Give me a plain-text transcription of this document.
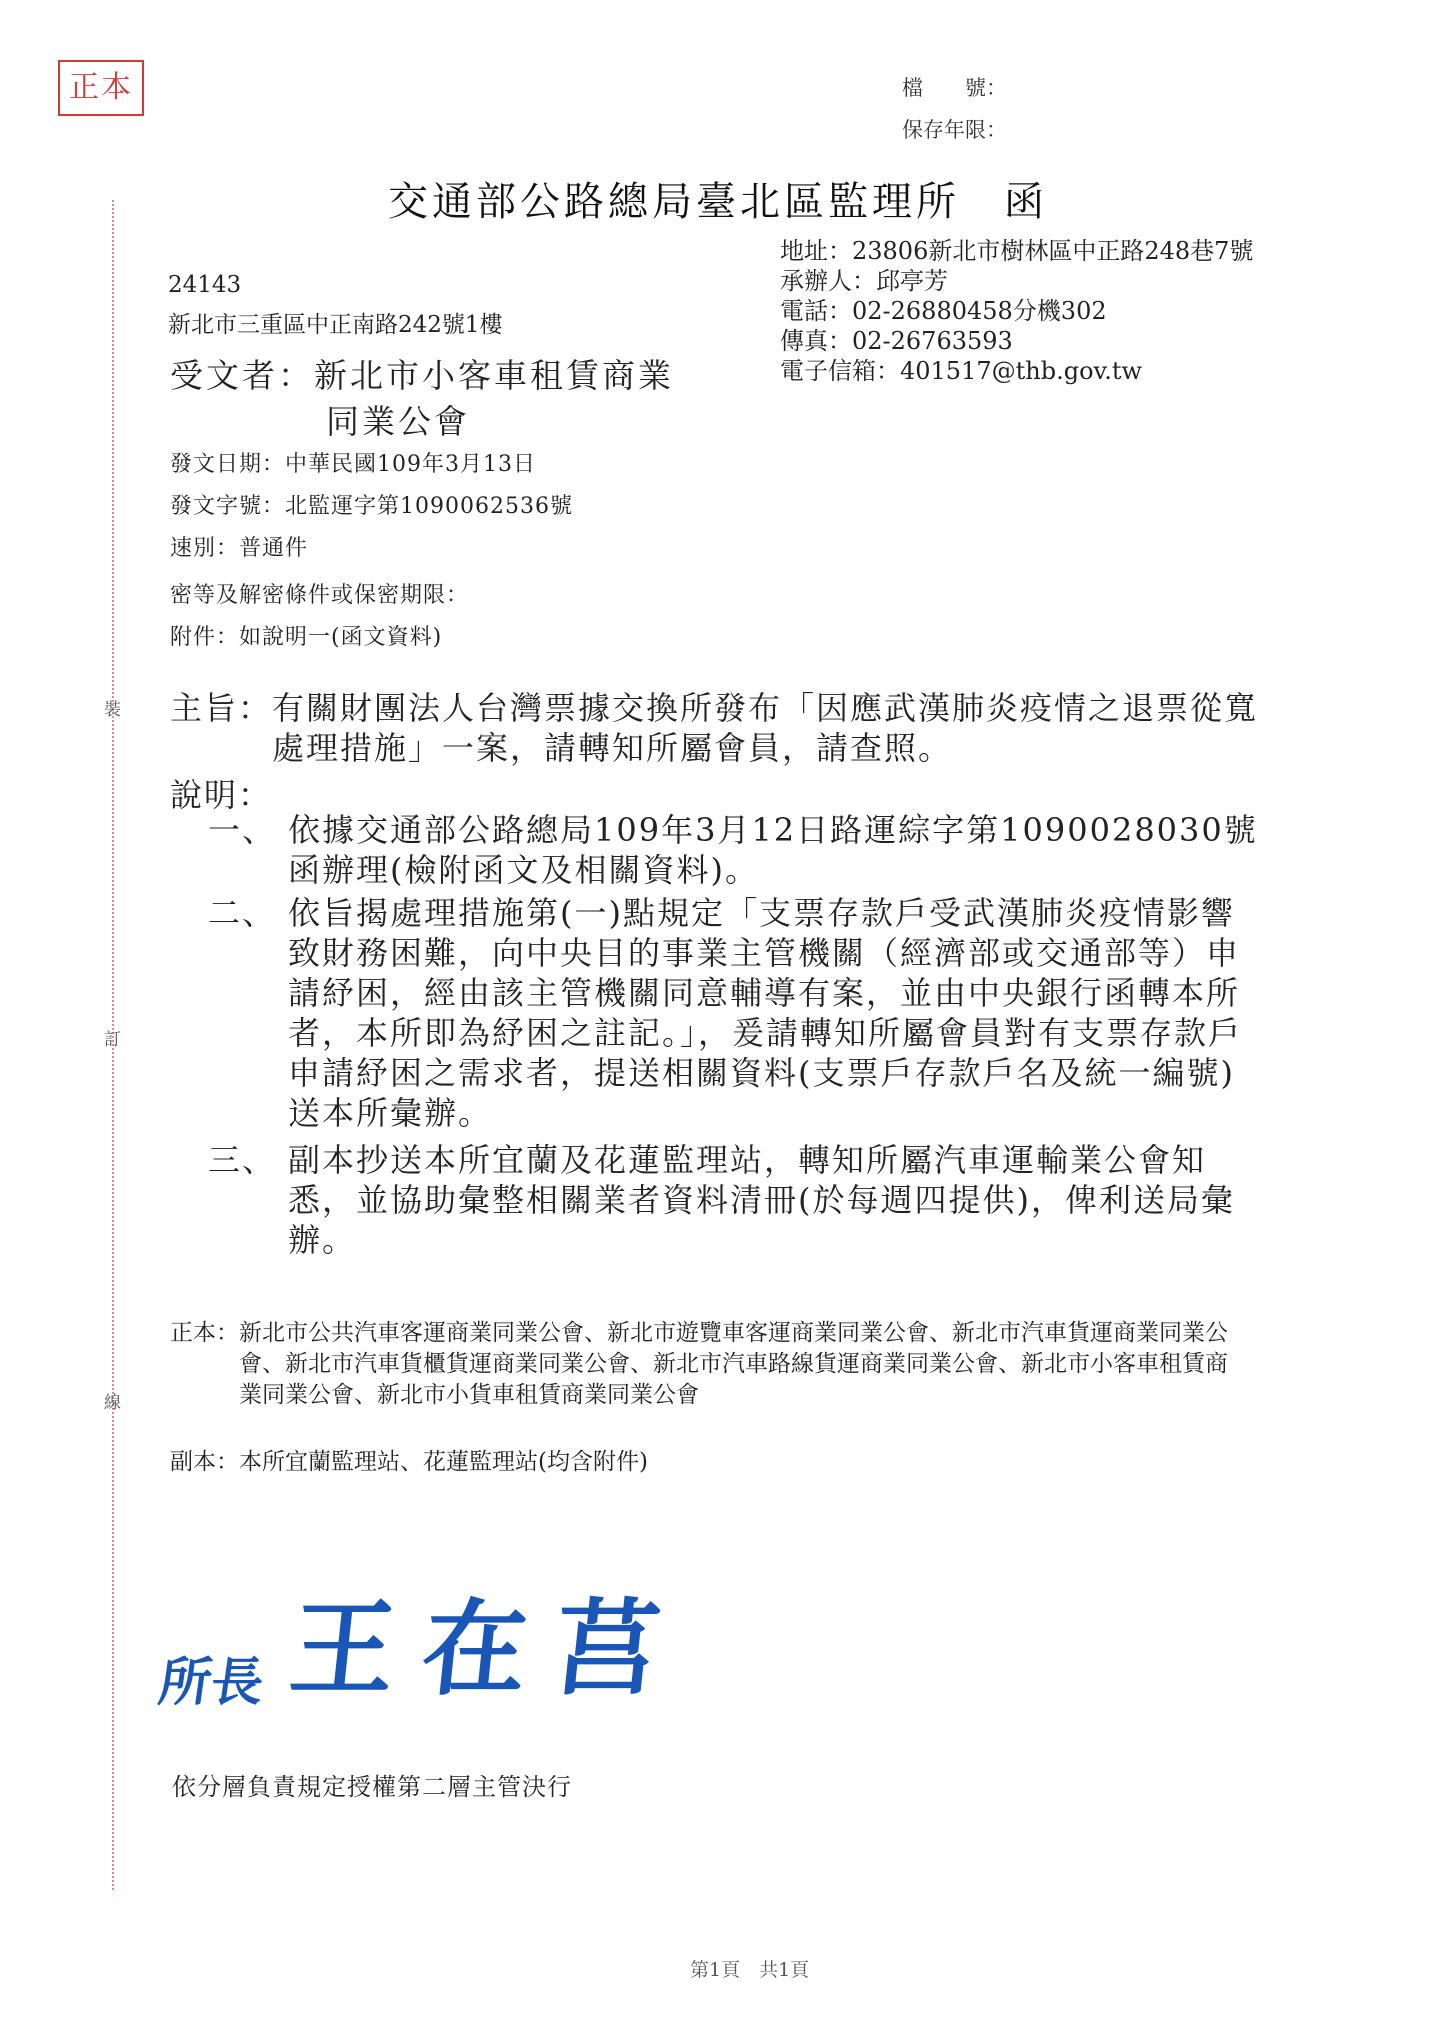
正本	檔　　號：
保存年限：
交通部公路總局臺北區監理所　函
地址：23806新北市樹林區中正路248巷7號
承辦人：邱亭芳
電話：02-26880458分機302
傳真：02-26763593
電子信箱：401517@thb.gov.tw
24143
新北市三重區中正南路242號1樓
受文者：新北市小客車租賃商業
同業公會
發文日期：中華民國109年3月13日
發文字號：北監運字第1090062536號
速別：普通件
密等及解密條件或保密期限：
附件：如說明一(函文資料)
裝
訂
線
主旨： 有關財團法人台灣票據交換所發布「因應武漢肺炎疫情之退票從寬處理措施」一案，請轉知所屬會員，請查照。
說明：
一、 依據交通部公路總局109年3月12日路運綜字第1090028030號函辦理(檢附函文及相關資料)。
二、 依旨揭處理措施第(一)點規定「支票存款戶受武漢肺炎疫情影響致財務困難，向中央目的事業主管機關（經濟部或交通部等）申請紓困，經由該主管機關同意輔導有案，並由中央銀行函轉本所者，本所即為紓困之註記。」，爰請轉知所屬會員對有支票存款戶申請紓困之需求者，提送相關資料(支票戶存款戶名及統一編號)送本所彙辦。
三、 副本抄送本所宜蘭及花蓮監理站，轉知所屬汽車運輸業公會知悉，並協助彙整相關業者資料清冊(於每週四提供)，俾利送局彙辦。
正本： 新北市公共汽車客運商業同業公會、新北市遊覽車客運商業同業公會、新北市汽車貨運商業同業公會、新北市汽車貨櫃貨運商業同業公會、新北市汽車路線貨運商業同業公會、新北市小客車租賃商業同業公會、新北市小貨車租賃商業同業公會
副本： 本所宜蘭監理站、花蓮監理站(均含附件)
所長 王在莒
依分層負責規定授權第二層主管決行
第1頁　共1頁
